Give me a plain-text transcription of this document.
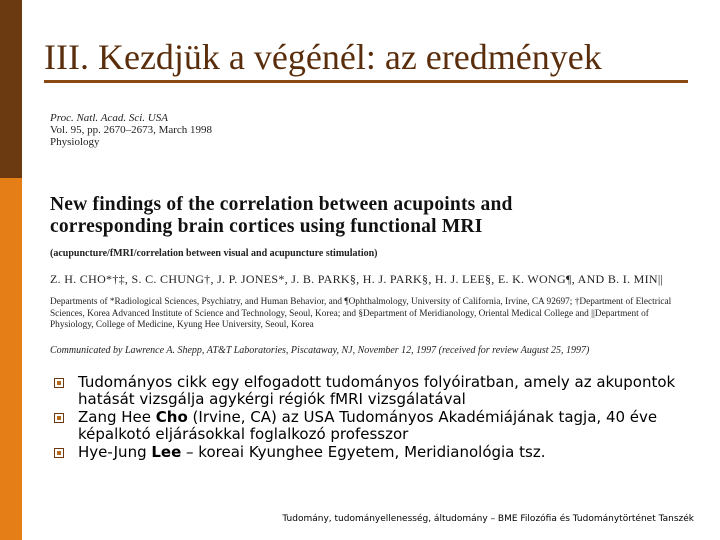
III. Kezdjük a végénél: az eredmények
Proc. Natl. Acad. Sci. USA
Vol. 95, pp. 2670–2673, March 1998
Physiology
New findings of the correlation between acupoints and
corresponding brain cortices using functional MRI
(acupuncture/fMRI/correlation between visual and acupuncture stimulation)
Z. H. CHO*†‡, S. C. CHUNG†, J. P. JONES*, J. B. PARK§, H. J. PARK§, H. J. LEE§, E. K. WONG¶, AND B. I. MIN||
Departments of *Radiological Sciences, Psychiatry, and Human Behavior, and ¶Ophthalmology, University of California, Irvine, CA 92697; †Department of Electrical Sciences, Korea Advanced Institute of Science and Technology, Seoul, Korea; and §Department of Meridianology, Oriental Medical College and ||Department of Physiology, College of Medicine, Kyung Hee University, Seoul, Korea
Communicated by Lawrence A. Shepp, AT&T Laboratories, Piscataway, NJ, November 12, 1997 (received for review August 25, 1997)
Tudományos cikk egy elfogadott tudományos folyóiratban, amely az akupontok hatását vizsgálja agykérgi régiók fMRI vizsgálatával
Zang Hee Cho (Irvine, CA) az USA Tudományos Akadémiájának tagja, 40 éve képalkotó eljárásokkal foglalkozó professzor
Hye-Jung Lee – koreai Kyunghee Egyetem, Meridianológia tsz.
Tudomány, tudományellenesség, áltudomány – BME Filozófia és Tudománytörténet Tanszék
